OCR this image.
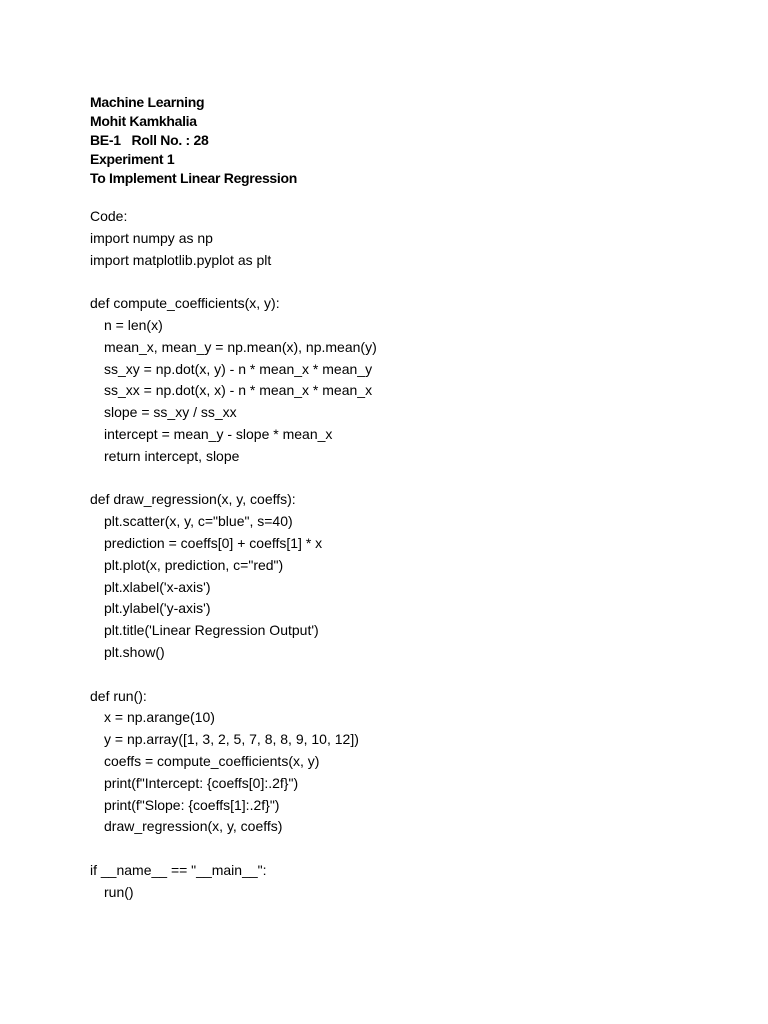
Machine Learning
Mohit Kamkhalia
BE-1   Roll No. : 28
Experiment 1
To Implement Linear Regression
Code:
import numpy as np
import matplotlib.pyplot as plt
def compute_coefficients(x, y):
n = len(x)
mean_x, mean_y = np.mean(x), np.mean(y)
ss_xy = np.dot(x, y) - n * mean_x * mean_y
ss_xx = np.dot(x, x) - n * mean_x * mean_x
slope = ss_xy / ss_xx
intercept = mean_y - slope * mean_x
return intercept, slope
def draw_regression(x, y, coeffs):
plt.scatter(x, y, c="blue", s=40)
prediction = coeffs[0] + coeffs[1] * x
plt.plot(x, prediction, c="red")
plt.xlabel('x-axis')
plt.ylabel('y-axis')
plt.title('Linear Regression Output')
plt.show()
def run():
x = np.arange(10)
y = np.array([1, 3, 2, 5, 7, 8, 8, 9, 10, 12])
coeffs = compute_coefficients(x, y)
print(f"Intercept: {coeffs[0]:.2f}")
print(f"Slope: {coeffs[1]:.2f}")
draw_regression(x, y, coeffs)
if __name__ == "__main__":
run()
